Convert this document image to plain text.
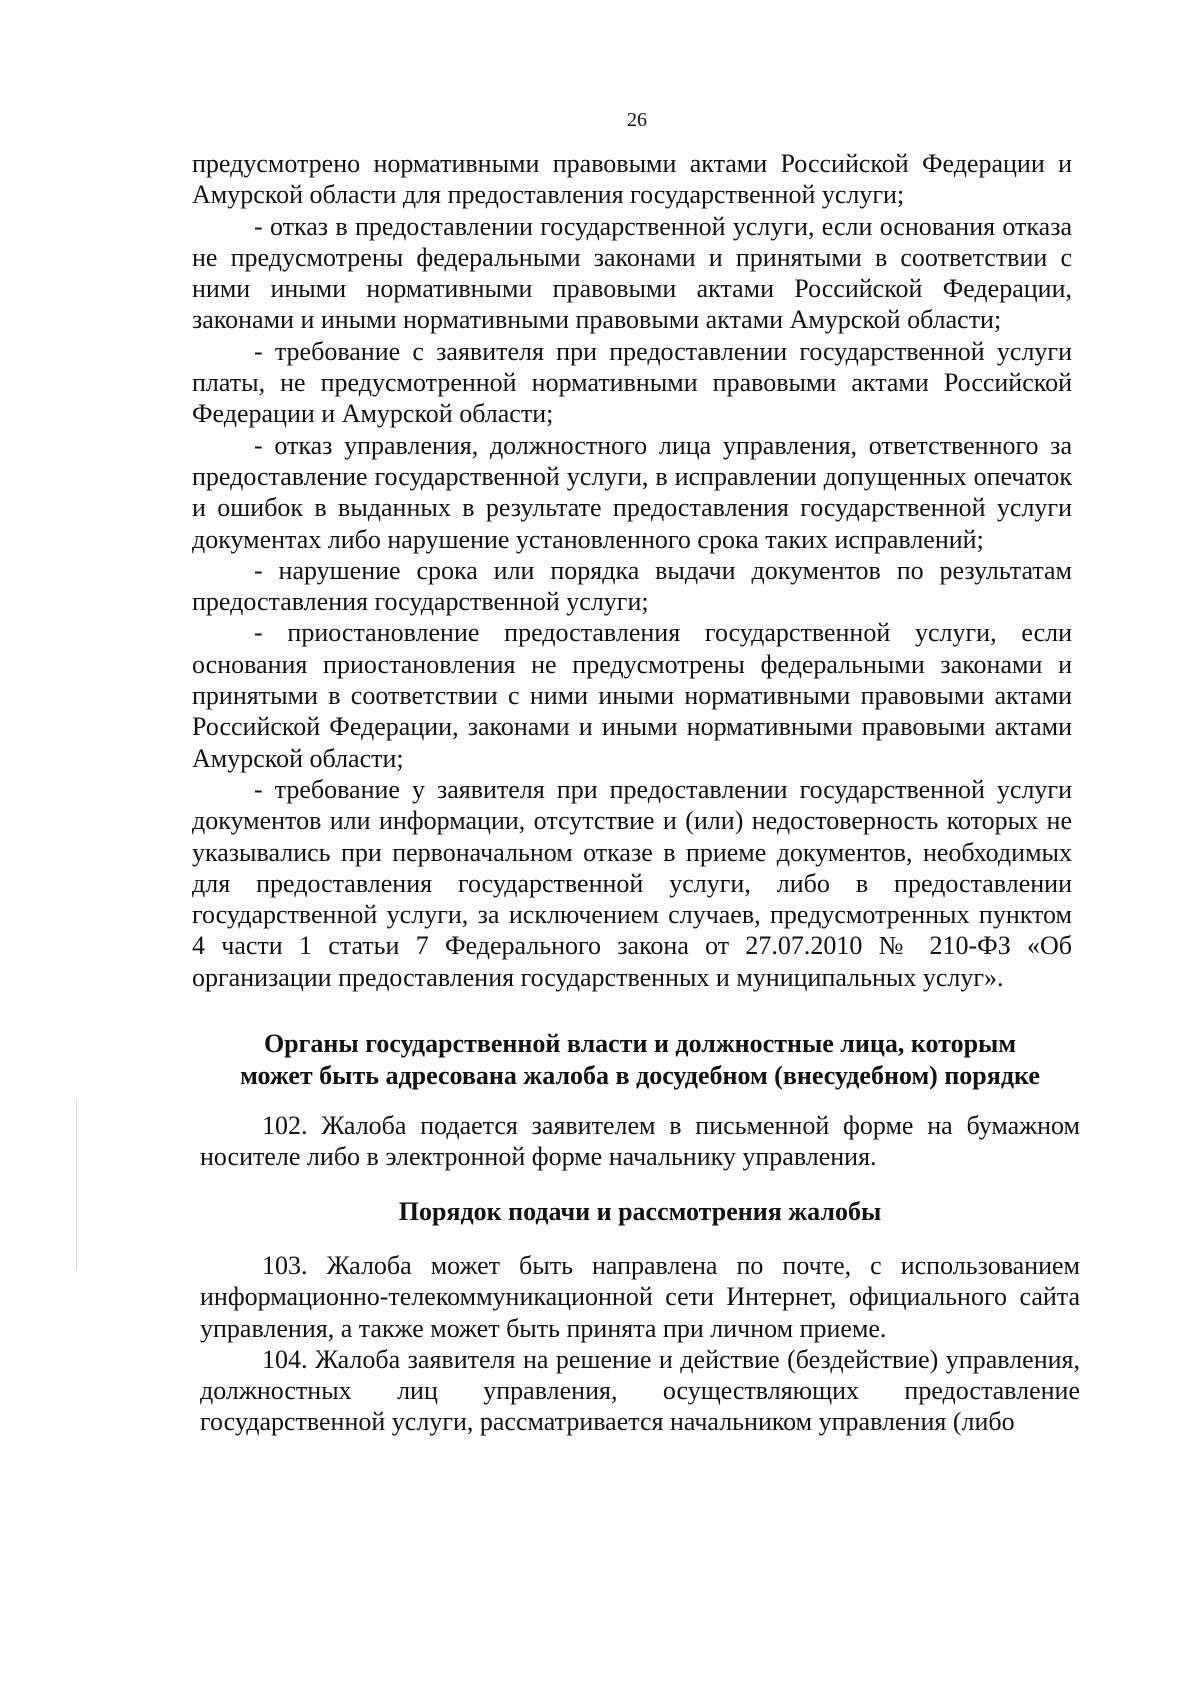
26

предусмотрено нормативными правовыми актами Российской Федерации и Амурской области для предоставления государственной услуги;

- отказ в предоставлении государственной услуги, если основания отказа не предусмотрены федеральными законами и принятыми в соответствии с ними иными нормативными правовыми актами Российской Федерации, законами и иными нормативными правовыми актами Амурской области;

- требование с заявителя при предоставлении государственной услуги платы, не предусмотренной нормативными правовыми актами Российской Федерации и Амурской области;

- отказ управления, должностного лица управления, ответственного за предоставление государственной услуги, в исправлении допущенных опечаток и ошибок в выданных в результате предоставления государственной услуги документах либо нарушение установленного срока таких исправлений;

- нарушение срока или порядка выдачи документов по результатам предоставления государственной услуги;

- приостановление предоставления государственной услуги, если основания приостановления не предусмотрены федеральными законами и принятыми в соответствии с ними иными нормативными правовыми актами Российской Федерации, законами и иными нормативными правовыми актами Амурской области;

- требование у заявителя при предоставлении государственной услуги документов или информации, отсутствие и (или) недостоверность которых не указывались при первоначальном отказе в приеме документов, необходимых для предоставления государственной услуги, либо в предоставлении государственной услуги, за исключением случаев, предусмотренных пунктом 4 части 1 статьи 7 Федерального закона от 27.07.2010 № 210-ФЗ «Об организации предоставления государственных и муниципальных услуг».

Органы государственной власти и должностные лица, которым
может быть адресована жалоба в досудебном (внесудебном) порядке

102. Жалоба подается заявителем в письменной форме на бумажном носителе либо в электронной форме начальнику управления.

Порядок подачи и рассмотрения жалобы

103. Жалоба может быть направлена по почте, с использованием информационно-телекоммуникационной сети Интернет, официального сайта управления, а также может быть принята при личном приеме.

104. Жалоба заявителя на решение и действие (бездействие) управления, должностных лиц управления, осуществляющих предоставление государственной услуги, рассматривается начальником управления (либо
